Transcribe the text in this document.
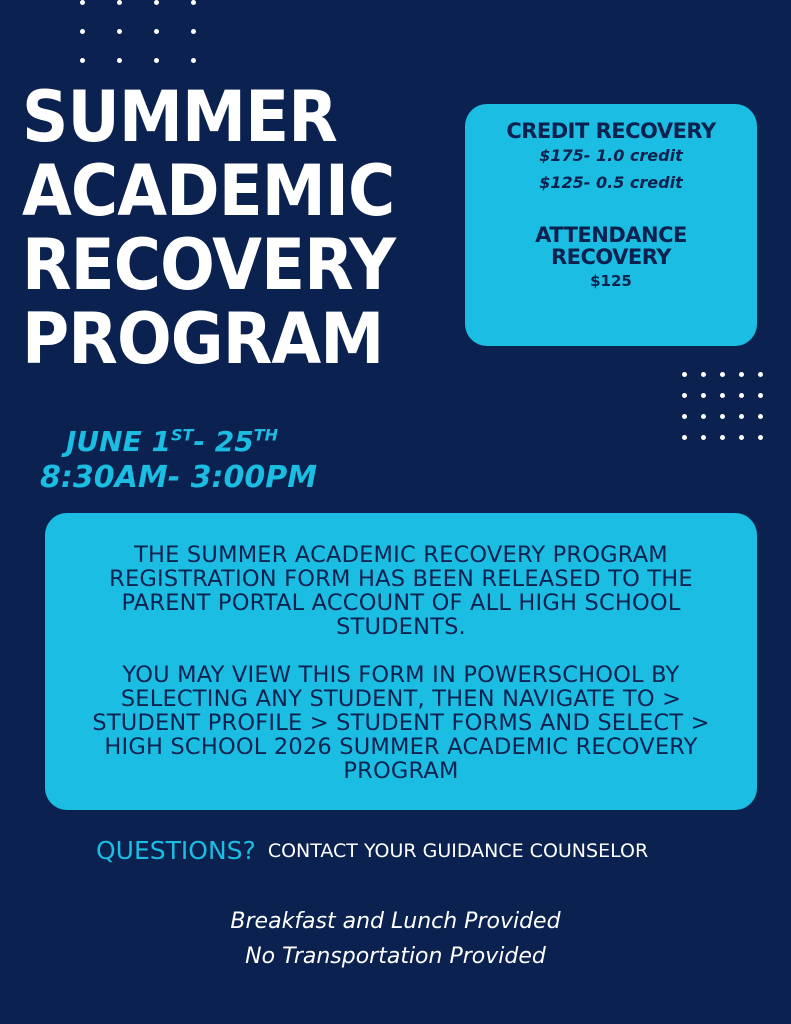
SUMMER
ACADEMIC
RECOVERY
PROGRAM
CREDIT RECOVERY
$175- 1.0 credit
$125- 0.5 credit
ATTENDANCE
RECOVERY
$125
JUNE 1ST- 25TH
8:30AM- 3:00PM

THE SUMMER ACADEMIC RECOVERY PROGRAM REGISTRATION FORM HAS BEEN RELEASED TO THE PARENT PORTAL ACCOUNT OF ALL HIGH SCHOOL STUDENTS.

YOU MAY VIEW THIS FORM IN POWERSCHOOL BY SELECTING ANY STUDENT, THEN NAVIGATE TO > STUDENT PROFILE > STUDENT FORMS AND SELECT > HIGH SCHOOL 2026 SUMMER ACADEMIC RECOVERY PROGRAM

QUESTIONS? CONTACT YOUR GUIDANCE COUNSELOR
Breakfast and Lunch Provided
No Transportation Provided
